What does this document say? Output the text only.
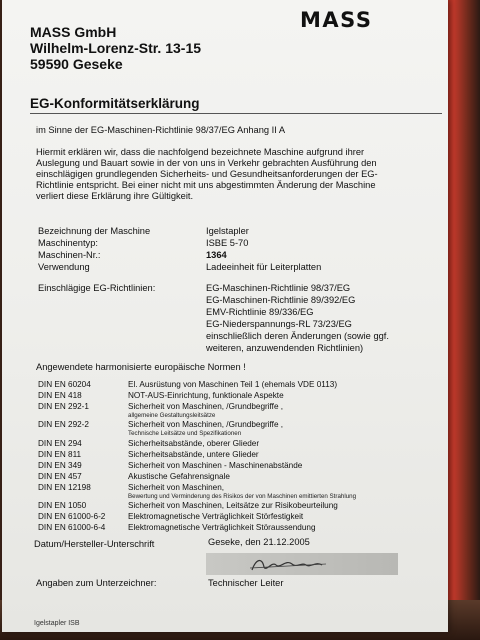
MASS GmbH
Wilhelm-Lorenz-Str. 13-15
59590 Geseke
MASS
EG-Konformitätserklärung
im Sinne der EG-Maschinen-Richtlinie 98/37/EG Anhang II A
Hiermit erklären wir, dass die nachfolgend bezeichnete Maschine aufgrund ihrer
Auslegung und Bauart sowie in der von uns in Verkehr gebrachten Ausführung den
einschlägigen grundlegenden Sicherheits- und Gesundheitsanforderungen der EG-
Richtlinie entspricht. Bei einer nicht mit uns abgestimmten Änderung der Maschine
verliert diese Erklärung ihre Gültigkeit.
Bezeichnung der Maschine	Igelstapler
Maschinentyp:	ISBE 5-70
Maschinen-Nr.:	1364
Verwendung	Ladeeinheit für Leiterplatten
Einschlägige EG-Richtlinien:	EG-Maschinen-Richtlinie 98/37/EG
EG-Maschinen-Richtlinie 89/392/EG
EMV-Richtlinie 89/336/EG
EG-Niederspannungs-RL 73/23/EG
einschließlich deren Änderungen (sowie ggf.
weiteren, anzuwendenden Richtlinien)
Angewendete harmonisierte europäische Normen !
DIN EN 60204	El. Ausrüstung von Maschinen Teil 1 (ehemals VDE 0113)
DIN EN 418	NOT-AUS-Einrichtung, funktionale Aspekte
DIN EN 292-1	Sicherheit von Maschinen, /Grundbegriffe ,
allgemeine Gestaltungsleitsätze
DIN EN 292-2	Sicherheit von Maschinen, /Grundbegriffe ,
Technische Leitsätze und Spezifikationen
DIN EN 294	Sicherheitsabstände, oberer Glieder
DIN EN 811	Sicherheitsabstände, untere Glieder
DIN EN 349	Sicherheit von Maschinen - Maschinenabstände
DIN EN 457	Akustische Gefahrensignale
DIN EN 12198	Sicherheit von Maschinen,
Bewertung und Verminderung des Risikos der von Maschinen emittierten Strahlung
DIN EN 1050	Sicherheit von Maschinen, Leitsätze zur Risikobeurteilung
DIN EN 61000-6-2	Elektromagnetische Verträglichkeit Störfestigkeit
DIN EN 61000-6-4	Elektromagnetische Verträglichkeit Störaussendung
Datum/Hersteller-Unterschrift	Geseke, den 21.12.2005
Angaben zum Unterzeichner:	Technischer Leiter
Igelstapler ISB
